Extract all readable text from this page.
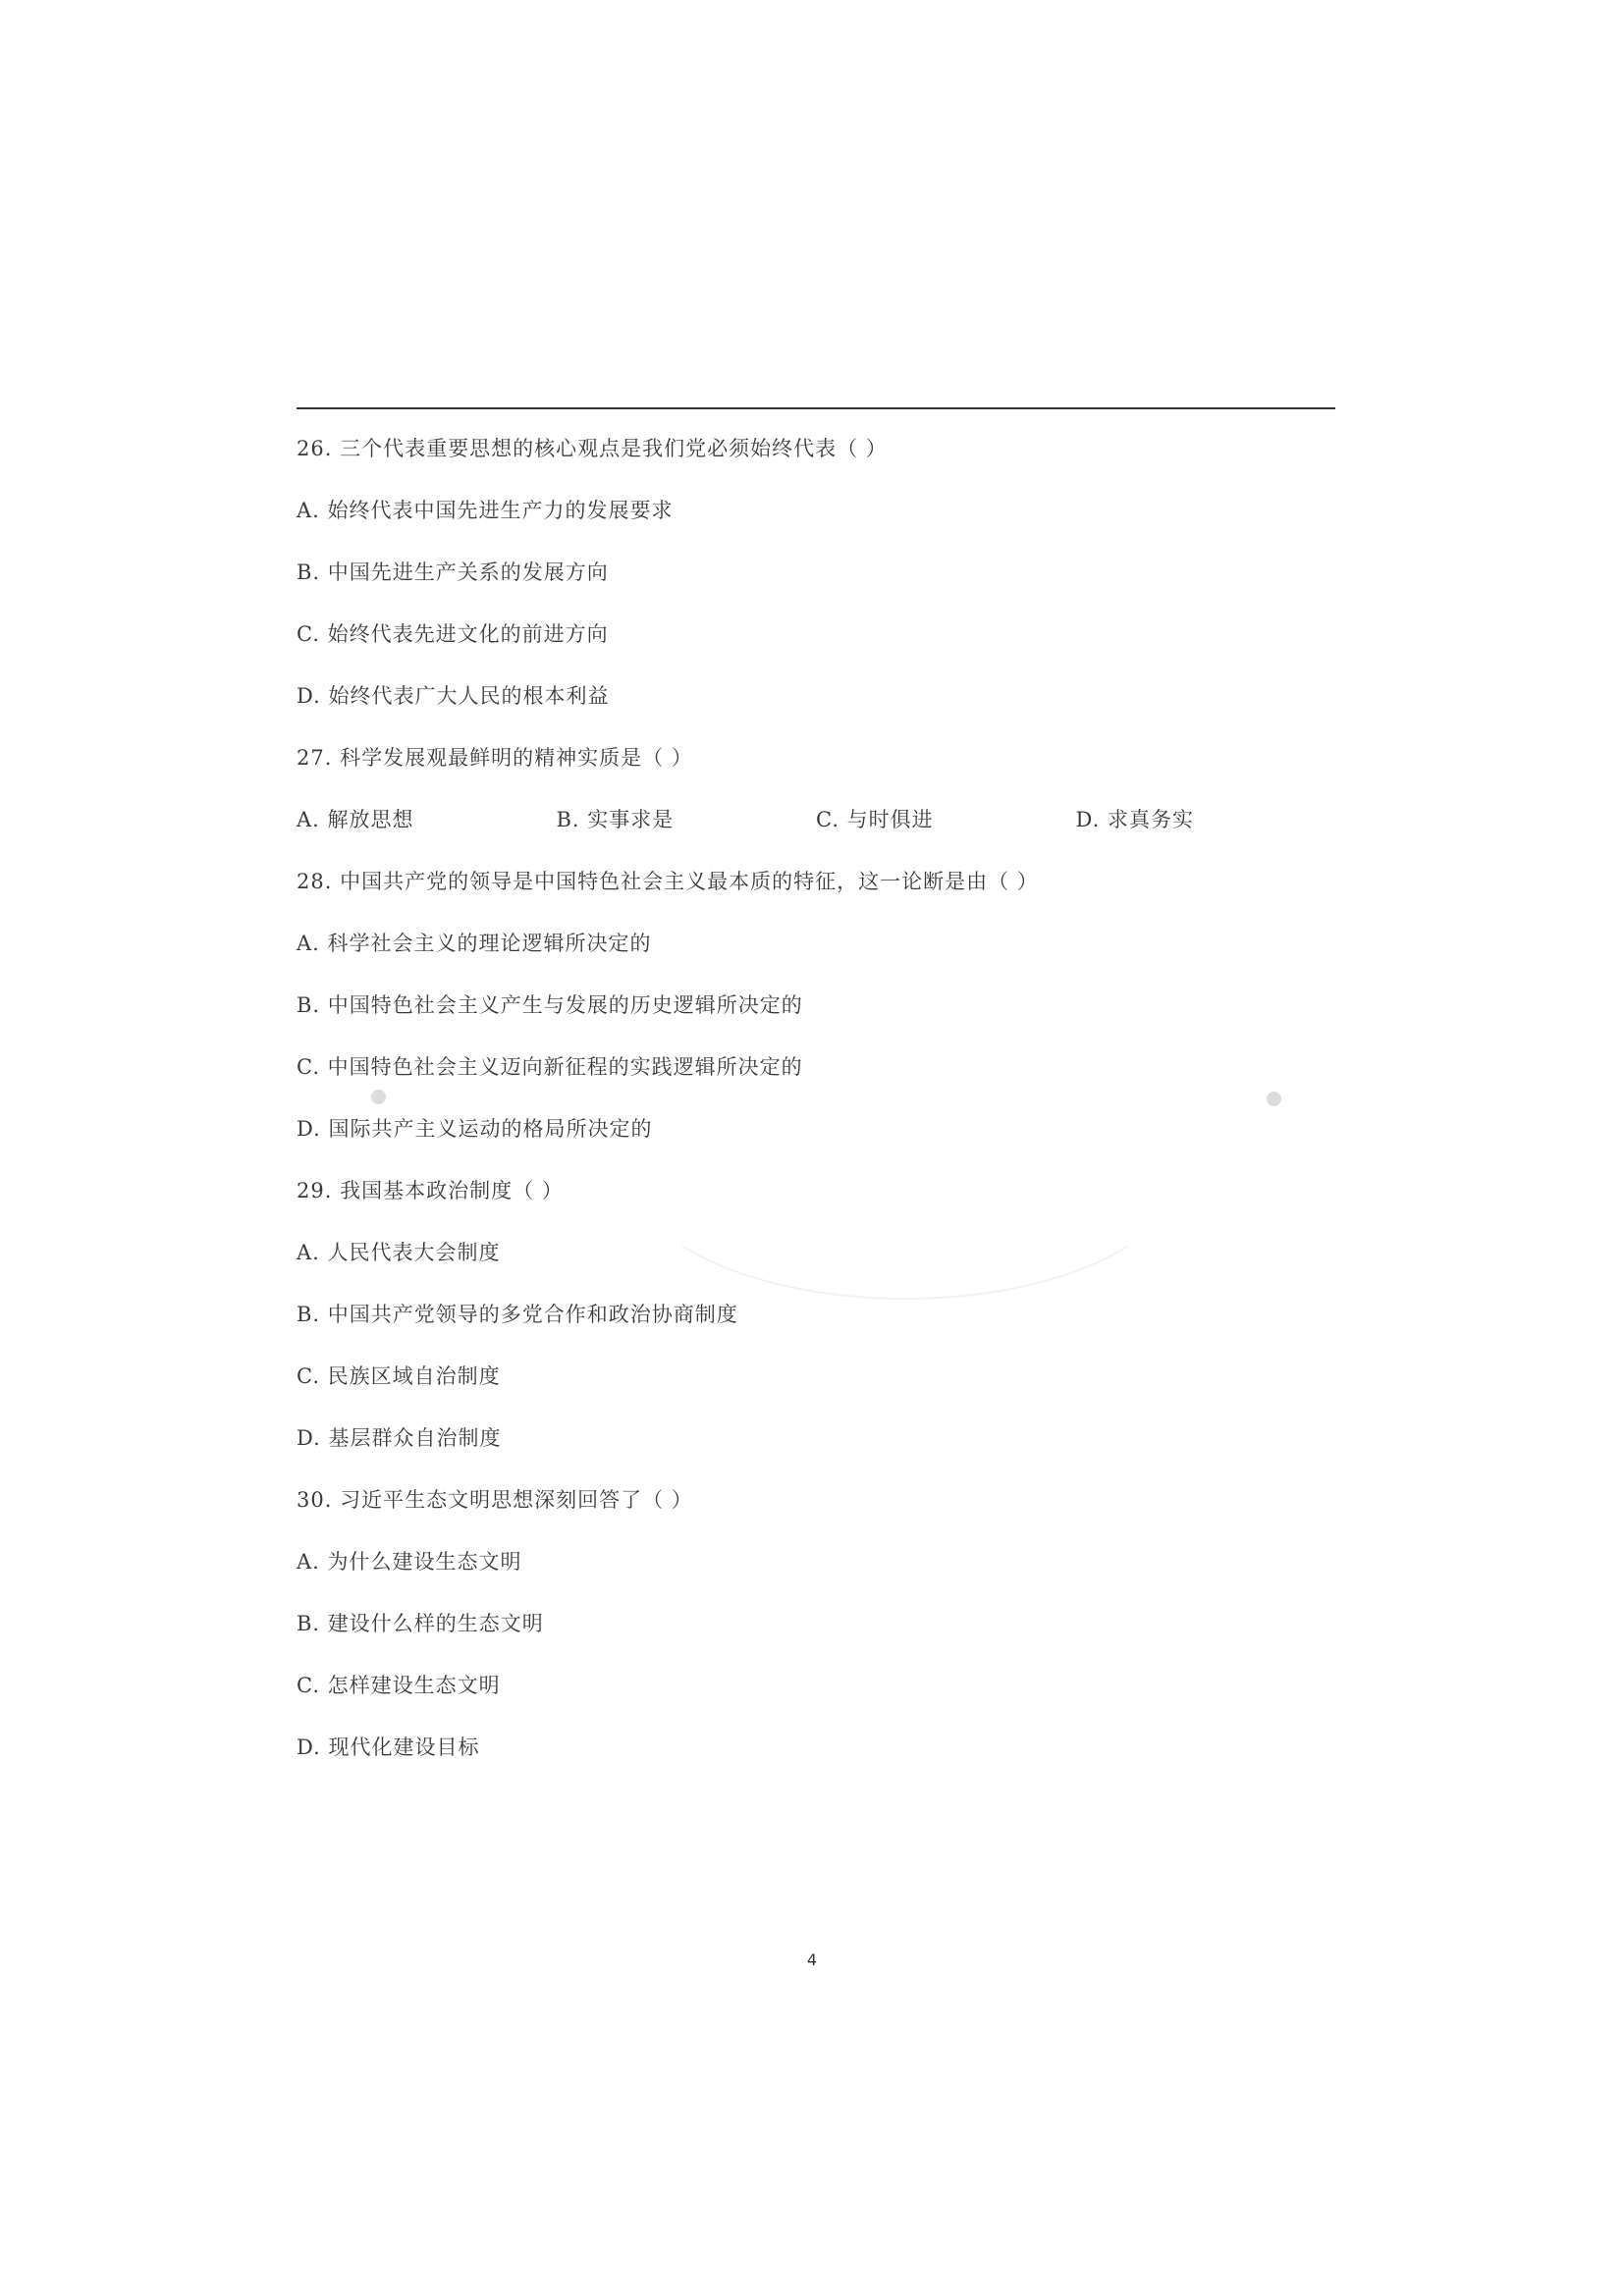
26. 三个代表重要思想的核心观点是我们党必须始终代表（ ）
A. 始终代表中国先进生产力的发展要求
B. 中国先进生产关系的发展方向
C. 始终代表先进文化的前进方向
D. 始终代表广大人民的根本利益
27. 科学发展观最鲜明的精神实质是（ ）
A. 解放思想	B. 实事求是	C. 与时俱进	D. 求真务实
28. 中国共产党的领导是中国特色社会主义最本质的特征，这一论断是由（ ）
A. 科学社会主义的理论逻辑所决定的
B. 中国特色社会主义产生与发展的历史逻辑所决定的
C. 中国特色社会主义迈向新征程的实践逻辑所决定的
D. 国际共产主义运动的格局所决定的
29. 我国基本政治制度（ ）
A. 人民代表大会制度
B. 中国共产党领导的多党合作和政治协商制度
C. 民族区域自治制度
D. 基层群众自治制度
30. 习近平生态文明思想深刻回答了（ ）
A. 为什么建设生态文明
B. 建设什么样的生态文明
C. 怎样建设生态文明
D. 现代化建设目标
4
